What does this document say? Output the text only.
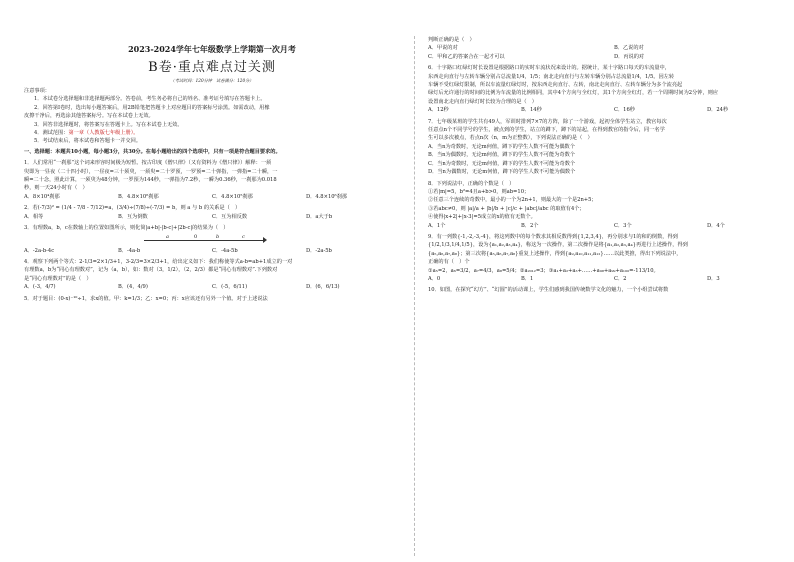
2023-2024学年七年级数学上学期第一次月考
B卷·重点难点过关测
（考试时间：120分钟　试卷满分：120分）

注意事项：

1．本试卷分选择题和非选择题两部分。答卷前，考生务必将自己的姓名、准考证号填写在答题卡上。

2．回答第Ⅰ卷时，选出每小题答案后，用2B铅笔把答题卡上对应题目的答案标号涂黑。如需改动，用橡

皮擦干净后，再选涂其他答案标号。写在本试卷上无效。

3．回答非选择题时，将答案写在答题卡上。写在本试卷上无效。

4．测试范围：第一章（人教版七年级上册）。

5．考试结束后，将本试卷和答题卡一并交回。

一、选择题：本题共10小题，每小题3分，共30分。在每小题给出的四个选项中，只有一项是符合题目要求的。

1．人们常用“一刹那”这个词来形容时间极为短暂。按古印度《僧只律》（又有资料为《僧只律》）解释：一须

臾即为一昼夜（二十四小时），一昼夜=三十须臾，一须臾=二十罗预，一罗预=二十弹指，一弹指=二十瞬，一

瞬=二十念，照此计算，一须臾为48分钟，一罗预为144秒，一弹指为7.2秒，一瞬为0.36秒，一刹那为0.018

秒，则一天24小时有（　）

A．8×10⁴刹那	B．4.8×10⁶刹那	C．4.8×10⁵刹那	D．4.8×10⁶刹那

2．若(-7/3)² = (1/4 - 7/8 - 7/12)=a，(3/4)÷(7/8)÷(-7/3) = b，则 a 与 b 的关系是（　）

A．相等	B．互为倒数	C．互为相反数	D．a大于b

3．有理数a，b，c在数轴上的位置如图所示，则化简|a+b|-|b-c|+|2b-c|的结果为（　）

a	0	b	c
A．-2a-b-4c	B．-4a-b	C．-4a-5b	D．-2a-5b

4．观察下列两个等式：2-1/3=2×1/3+1，3-2/3=3×2/3+1，给出定义如下：我们称使等式a-b=ab+1成立的一对

有理数a，b为“同心有理数对”，记为（a，b），如：数对（3，1/2），（2，2/3）都是“同心有理数对”.下列数对

是“同心有理数对”的是（　）

A．(-3，4/7)	B．(4，4/9)	C．(-5，6/11)	D．(6，6/13)

5．对于题目：(0-x)⁻¹⁰÷1，求x的值。甲：k=1/3；乙：x=0；丙：x应该还有另外一个值。对于上述说法

判断正确的是（　）

A．甲说的对	B．乙说的对
C．甲和乙的答案合在一起才可以	D．丙说的对

6．十字路口红绿灯时长设置是根据路口的实时车流状况来设计的。据统计，某十字路口每天的车流量中，

东西走向直行与左转车辆分别占总流量1/4，1/5；南北走向直行与左转车辆分别占总流量1/4，1/5。因左转

车辆不受红绿灯限制，所以车流量红绿灯时，按东西走向直行、左转，南北走向直行、左转车辆分为多个流亮起

绿灯后允许通行的时间的比例为车流量的比例相同，其中4个方向与全红灯，其1个方向全红灯，若一个周期时间为2分钟，则应

设置南北走向直行绿灯时长较为合理的是（　）

A．12秒	B．14秒	C．16秒	D．24秒

7．七年级某班的学生共有49人，军训时排列7×7的方阵，除了一个游戏，起初全体学生站立，教官每次

任意点n个不同学号的学生，被点到的学生，站立的蹲下，蹲下的站起，在得到教官的指令后，同一名学

生可以多次被点，若点n次（n，m为正整数），下列说法正确的是（　）

A．当n为奇数时，无论m何值，蹲下的学生人数不可能为偶数个

B．当n为偶数时，无论m何值，蹲下的学生人数不可能为奇数个

C．当n为奇数时，无论m何值，蹲下的学生人数不可能为奇数个

D．当n为偶数时，无论m何值，蹲下的学生人数不可能为偶数个

8．下列说法中，正确的个数是（　）

①若|m|=5，b²=4且a+b>0，则ab=10；

②任意三个连续的奇数中，最小的一个为2n+1，则最大的一个是2n+5；

③若abc≠0，则 |a|/a + |b|/b + |c|/c + |abc|/abc 的取值有4个；

④使得|x+2|+|x-3|=5成立的x的值有无数个。

A．1个	B．2个	C．3个	D．4个

9．有一列数{-1,-2,-3,-4}，将这列数中的每个数求其相反数得到{1,2,3,4}，再分别求与1的和的倒数，得到

{1/2,1/3,1/4,1/5}，设为{a₁,a₂,a₃,a₄}，称这为一次操作，第二次操作是将{a₁,a₂,a₃,a₄}再进行上述操作，得到

{a₅,a₆,a₇,a₈}；第三次将{a₅,a₆,a₇,a₈}重复上述操作，得到{a₉,a₁₀,a₁₁,a₁₂}……以此类推，得出下列说法中，

正确的有（　）个

①a₅=2，a₆=3/2，a₇=4/3，a₈=5/4；②a₂₀₁₂=3；③a₁+a₂+a₃+……+a₉₈+a₉₉+a₁₀₀=-113/10。

A．0	B．1	C．2	D．3

10．如图，在探究“幻方”、“幻圆”的活动课上，学生们感到我国传统数学文化的魅力，一个小组尝试将数
